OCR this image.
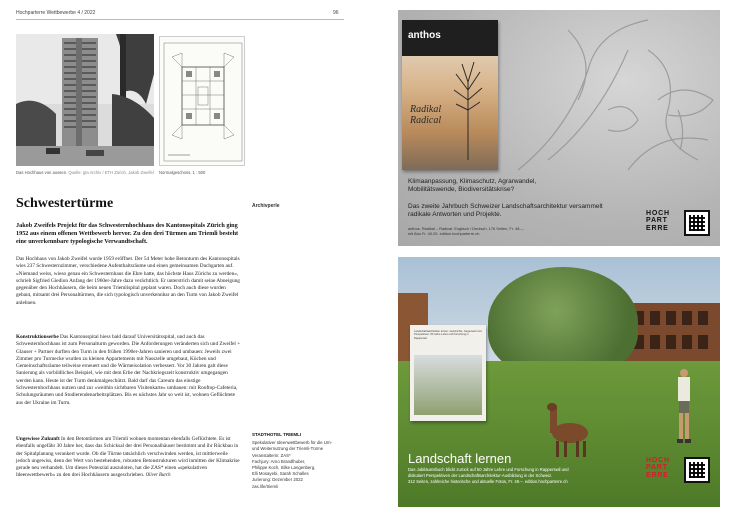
Hochparterre Wettbewerbe 4 / 2022	96
Das Hochhaus von aussen. Quelle: gta Archiv / ETH Zürich, Jakob Zweifel Normalgeschoss, 1 : 500
Schwestertürme	Archivperle

Jakob Zweifels Projekt für das Schwesternhochhaus des Kantonsspitals Zürich ging 1952 aus einem offenen Wettbewerb hervor. Zu den drei Türmen am Triemli besteht eine unverkennbare typologische Verwandtschaft.

Das Hochhaus von Jakob Zweifel wurde 1959 eröffnet. Der 54 Meter hohe Betonturm des Kantonsspitals wies 237 Schwesternzimmer, verschiedene Aufenthaltsräume und einen gemeinsamen Dachgarten auf. «Niemand weiss, wieso genau ein Schwesternhaus die Ehre hatte, das höchste Haus Zürichs zu werden», schrieb Sigfried Giedion Anfang der 1960er-Jahre dazu verächtlich. Er unterstrich damit seine Abneigung gegenüber den Hochhäusern, die beim neuen Triemlispital geplant waren. Doch auch diese wurden gebaut, mitsamt drei Personaltürmen, die sich typologisch unverkennbar an den Turm von Jakob Zweifel anlehnen.

Konstruktionserbe Das Kantonsspital hiess bald darauf Universitätsspital, und auch das Schwesternhochhaus ist zum Personalturm geworden. Die Anforderungen veränderten sich und Zweifel + Glauser + Partner durften den Turm in den frühen 1990er-Jahren sanieren und umbauen: Jeweils zwei Zimmer pro Turmecke wurden zu kleinen Appartements mit Nasszelle umgebaut, Küchen und Gemeinschaftsräume teilweise erneuert und die Wärmeisolation verbessert. Vor 30 Jahren galt diese Sanierung als vorbildliches Beispiel, wie mit dem Erbe der Nachkriegszeit konstruktiv umgegangen werden kann. Heute ist der Turm denkmalgeschützt. Bald darf das Careum das einstige Schwesternhochhaus nutzen und zur «weithin sichtbaren Visitenkarte» umbauen: mit Rooftop-Cafeteria, Schulungsräumen und Studierendenarbeitsplätzen. Bis es nächstes Jahr so weit ist, wohnen Geflüchtete aus der Ukraine im Turm.

Ungewisse Zukunft In den Betontürmen am Triemli wohnen momentan ebenfalls Geflüchtete. Es ist ebenfalls ungefähr 30 Jahre her, dass das Schicksal der drei Personalhäuser bestimmt und ihr Rückbau in der Spitalplanung verankert wurde. Ob die Türme tatsächlich verschwinden werden, ist mittlerweile jedoch ungewiss, denn der Wert von bestehenden, robusten Betonstrukturen wird inmitten der Klimakrise gerade neu verhandelt. Um dieses Potenzial auszuloten, hat die ZAS* einen «spekulativen Ideenwettbewerb» zu den drei Hochhäusern ausgeschrieben. Oliver Burch

STADTHOTEL TRIEMLI
Spekulativer Ideenwettbewerb für die Um-
und Weiternutzung der Triemli-Türme
Veranstalterin: ZAS*
Fachjury: Arno Brandlhuber,
Philippe Koch, Silke Langenberg,
Elli Mosayebi, Sarah Schalles
Jurierung: Dezember 2022
zas.life/triemli
anthos
Radikal
Radical
Klimaanpassung, Klimaschutz, Agrarwandel,
Mobilitätswende, Biodiversitätskrise?
Das zweite Jahrbuch Schweizer Landschaftsarchitektur versammelt
radikale Antworten und Projekte.
anthos. Radikal – Radical. Englisch / Deutsch, 176 Seiten, Fr. 48.–,
mit Abo Fr. 40.20. edition.hochparterre.ch
HOCH
PART
ERRE
Landschaftsarchitektur lernen. Geschichte, Gegenwart und Perspektiven. 80 Jahre Lehre und Forschung in Rapperswil
Landschaft lernen
Das Jubiläumsbuch blickt zurück auf 50 Jahre Lehre und Forschung in Rapperswil und
diskutiert Perspektiven der Landschaftsarchitektur-Ausbildung in der Schweiz.
312 Seiten, zahlreiche historische und aktuelle Fotos, Fr. 49.–. edition.hochparterre.ch
HOCH
PART
ERRE
